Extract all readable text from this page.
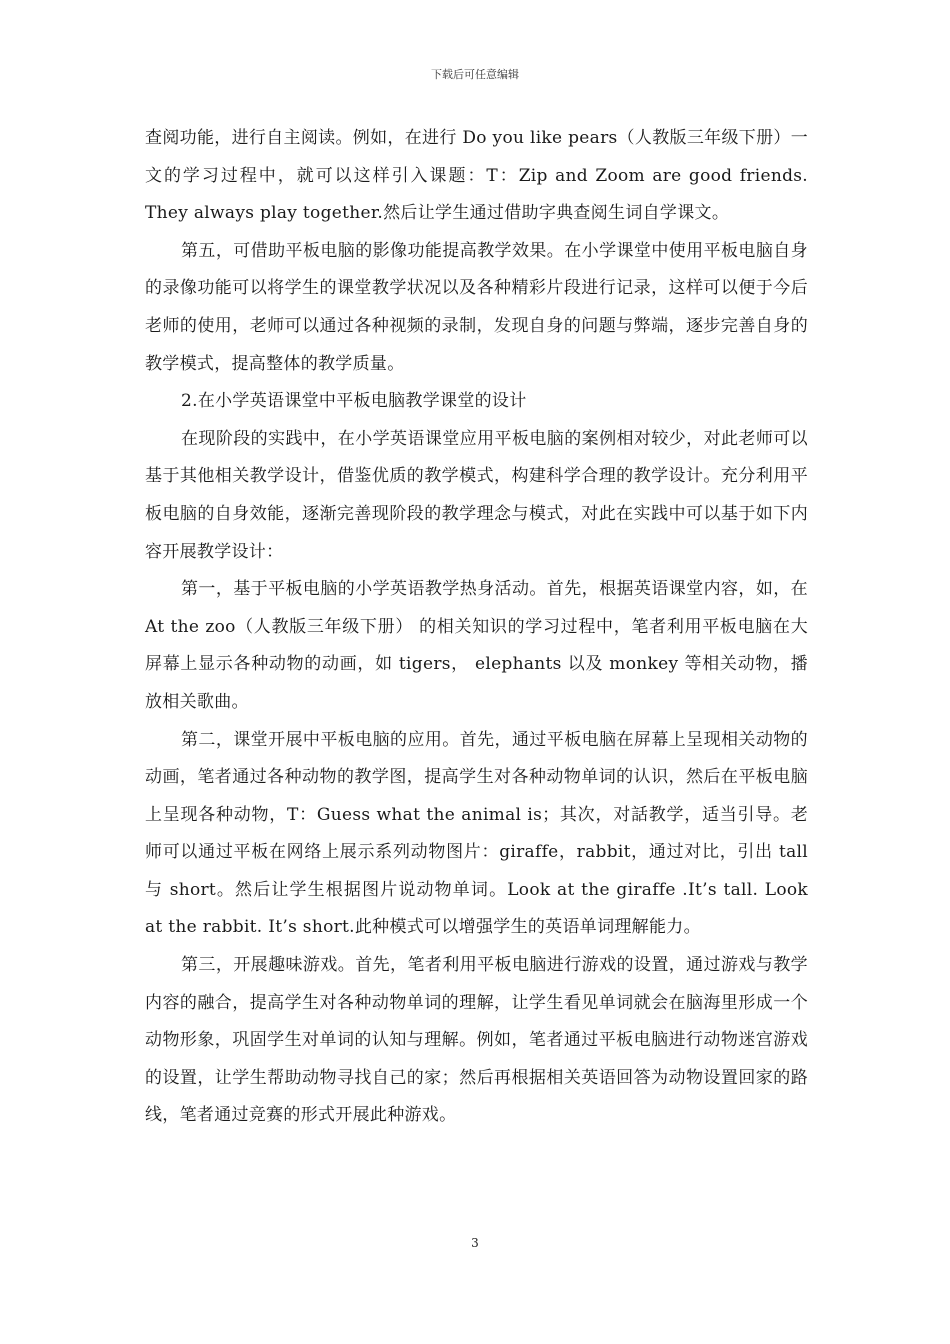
下载后可任意编辑

查阅功能，进行自主阅读。例如，在进行 Do you like pears（人教版三年级下册）一文的学习过程中，就可以这样引入课题：T：Zip and Zoom are good friends. They always play together.然后让学生通过借助字典查阅生词自学课文。

第五，可借助平板电脑的影像功能提高教学效果。在小学课堂中使用平板电脑自身的录像功能可以将学生的课堂教学状况以及各种精彩片段进行记录，这样可以便于今后老师的使用，老师可以通过各种视频的录制，发现自身的问题与弊端，逐步完善自身的教学模式，提高整体的教学质量。

2.在小学英语课堂中平板电脑教学课堂的设计

在现阶段的实践中，在小学英语课堂应用平板电脑的案例相对较少，对此老师可以基于其他相关教学设计，借鉴优质的教学模式，构建科学合理的教学设计。充分利用平板电脑的自身效能，逐渐完善现阶段的教学理念与模式，对此在实践中可以基于如下内容开展教学设计：

第一，基于平板电脑的小学英语教学热身活动。首先，根据英语课堂内容，如，在 At the zoo（人教版三年级下册） 的相关知识的学习过程中，笔者利用平板电脑在大屏幕上显示各种动物的动画，如 tigers， elephants 以及 monkey 等相关动物，播放相关歌曲。

第二，课堂开展中平板电脑的应用。首先，通过平板电脑在屏幕上呈现相关动物的动画，笔者通过各种动物的教学图，提高学生对各种动物单词的认识，然后在平板电脑上呈现各种动物，T：Guess what the animal is；其次，对話教学，适当引导。老师可以通过平板在网络上展示系列动物图片：giraffe，rabbit，通过对比，引出 tall 与 short。然后让学生根据图片说动物单词。Look at the giraffe .It’s tall. Look at the rabbit. It’s short.此种模式可以增强学生的英语单词理解能力。

第三，开展趣味游戏。首先，笔者利用平板电脑进行游戏的设置，通过游戏与教学内容的融合，提高学生对各种动物单词的理解，让学生看见单词就会在脑海里形成一个动物形象，巩固学生对单词的认知与理解。例如，笔者通过平板电脑进行动物迷宫游戏的设置，让学生帮助动物寻找自己的家；然后再根据相关英语回答为动物设置回家的路线，笔者通过竞赛的形式开展此种游戏。

3
